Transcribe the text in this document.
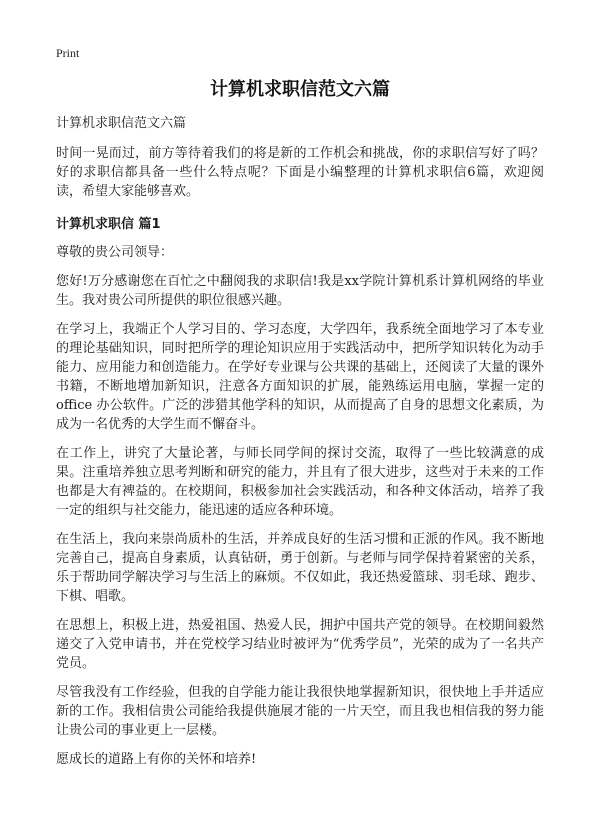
Print
计算机求职信范文六篇

计算机求职信范文六篇

时间一晃而过，前方等待着我们的将是新的工作机会和挑战，你的求职信写好了吗？好的求职信都具备一些什么特点呢？下面是小编整理的计算机求职信6篇，欢迎阅读，希望大家能够喜欢。

计算机求职信 篇1

尊敬的贵公司领导：

您好!万分感谢您在百忙之中翻阅我的求职信!我是xx学院计算机系计算机网络的毕业生。我对贵公司所提供的职位很感兴趣。

在学习上，我端正个人学习目的、学习态度，大学四年，我系统全面地学习了本专业的理论基础知识，同时把所学的理论知识应用于实践活动中，把所学知识转化为动手能力、应用能力和创造能力。在学好专业课与公共课的基础上，还阅读了大量的课外书籍，不断地增加新知识，注意各方面知识的扩展，能熟练运用电脑，掌握一定的office 办公软件。广泛的涉猎其他学科的知识，从而提高了自身的思想文化素质，为成为一名优秀的大学生而不懈奋斗。

在工作上，讲究了大量论著，与师长同学间的探讨交流，取得了一些比较满意的成果。注重培养独立思考判断和研究的能力，并且有了很大进步，这些对于未来的工作也都是大有裨益的。在校期间，积极参加社会实践活动，和各种文体活动，培养了我一定的组织与社交能力，能迅速的适应各种环境。

在生活上，我向来崇尚质朴的生活，并养成良好的生活习惯和正派的作风。我不断地完善自己，提高自身素质，认真钻研，勇于创新。与老师与同学保持着紧密的关系，乐于帮助同学解决学习与生活上的麻烦。不仅如此，我还热爱篮球、羽毛球、跑步、下棋、唱歌。

在思想上，积极上进，热爱祖国、热爱人民，拥护中国共产党的领导。在校期间毅然递交了入党申请书，并在党校学习结业时被评为“优秀学员”，光荣的成为了一名共产党员。

尽管我没有工作经验，但我的自学能力能让我很快地掌握新知识，很快地上手并适应新的工作。我相信贵公司能给我提供施展才能的一片天空，而且我也相信我的努力能让贵公司的事业更上一层楼。

愿成长的道路上有你的关怀和培养!
